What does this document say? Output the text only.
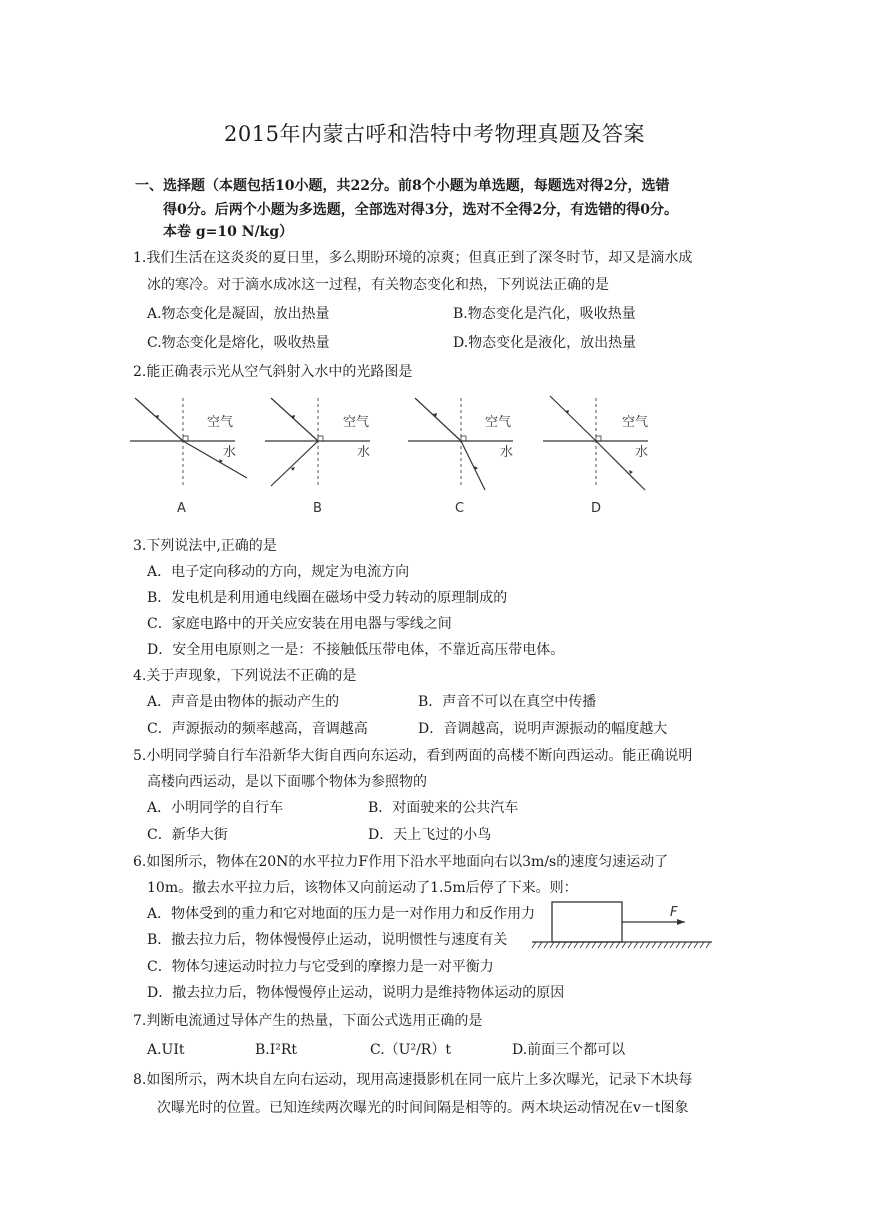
2015年内蒙古呼和浩特中考物理真题及答案
一、选择题（本题包括10小题，共22分。前8个小题为单选题，每题选对得2分，选错
得0分。后两个小题为多选题，全部选对得3分，选对不全得2分，有选错的得0分。
本卷 g=10 N/kg）
1.我们生活在这炎炎的夏日里，多么期盼环境的凉爽；但真正到了深冬时节，却又是滴水成
冰的寒冷。对于滴水成冰这一过程，有关物态变化和热，下列说法正确的是
A.物态变化是凝固，放出热量	B.物态变化是汽化，吸收热量
C.物态变化是熔化，吸收热量	D.物态变化是液化，放出热量
2.能正确表示光从空气斜射入水中的光路图是
空气
水
A
空气
水
B
空气
水
C
空气
水
D
3.下列说法中,正确的是
A．电子定向移动的方向，规定为电流方向
B．发电机是利用通电线圈在磁场中受力转动的原理制成的
C．家庭电路中的开关应安装在用电器与零线之间
D．安全用电原则之一是：不接触低压带电体，不靠近高压带电体。
4.关于声现象，下列说法不正确的是
A．声音是由物体的振动产生的	B．声音不可以在真空中传播
C．声源振动的频率越高，音调越高	D．音调越高，说明声源振动的幅度越大
5.小明同学骑自行车沿新华大街自西向东运动，看到两面的高楼不断向西运动。能正确说明
高楼向西运动，是以下面哪个物体为参照物的
A．小明同学的自行车	B．对面驶来的公共汽车
C．新华大街	D．天上飞过的小鸟
6.如图所示，物体在20N的水平拉力F作用下沿水平地面向右以3m/s的速度匀速运动了
10m。撤去水平拉力后，该物体又向前运动了1.5m后停了下来。则：
F
A．物体受到的重力和它对地面的压力是一对作用力和反作用力
B．撤去拉力后，物体慢慢停止运动，说明惯性与速度有关
C．物体匀速运动时拉力与它受到的摩擦力是一对平衡力
D．撤去拉力后，物体慢慢停止运动，说明力是维持物体运动的原因
7.判断电流通过导体产生的热量，下面公式选用正确的是
A.UIt	B.I²Rt	C.（U²/R）t	D.前面三个都可以
8.如图所示，两木块自左向右运动，现用高速摄影机在同一底片上多次曝光，记录下木块每
次曝光时的位置。已知连续两次曝光的时间间隔是相等的。两木块运动情况在v－t图象
